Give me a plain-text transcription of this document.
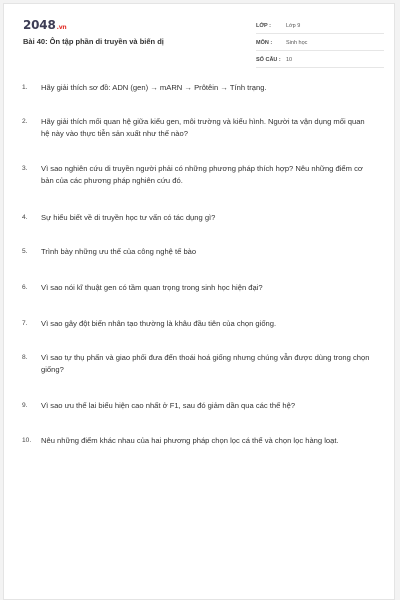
2048.vn
Bài 40: Ôn tập phần di truyền và biến dị
LỚP :	Lớp 9
MÔN :	Sinh học
SỐ CÂU : 10
1.	Hãy giải thích sơ đồ: ADN (gen) → mARN → Prôtêin → Tính trạng.
2.	Hãy giải thích mối quan hệ giữa kiểu gen, môi trường và kiểu hình. Người ta vận dụng mối quan hệ này vào thực tiễn sản xuất như thế nào?
3.	Vì sao nghiên cứu di truyền người phải có những phương pháp thích hợp? Nêu những điểm cơ bản của các phương pháp nghiên cứu đó.
4.	Sự hiểu biết về di truyền học tư vấn có tác dụng gì?
5.	Trình bày những ưu thế của công nghệ tế bào
6.	Vì sao nói kĩ thuật gen có tầm quan trọng trong sinh học hiện đại?
7.	Vì sao gây đột biến nhân tạo thường là khâu đầu tiên của chọn giống.
8.	Vì sao tự thụ phấn và giao phối đưa đến thoái hoá giống nhưng chúng vẫn được dùng trong chọn giống?
9.	Vì sao ưu thế lai biểu hiện cao nhất ở F1, sau đó giảm dần qua các thế hệ?
10.	Nêu những điểm khác nhau của hai phương pháp chọn lọc cá thể và chọn lọc hàng loạt.
